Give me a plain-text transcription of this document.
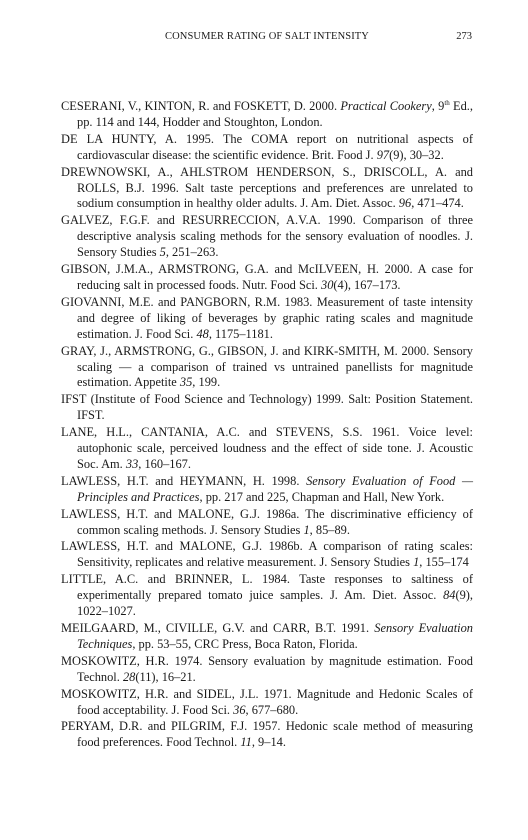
CONSUMER RATING OF SALT INTENSITY	273

CESERANI, V., KINTON, R. and FOSKETT, D. 2000. Practical Cookery, 9th Ed., pp. 114 and 144, Hodder and Stoughton, London.

DE LA HUNTY, A. 1995. The COMA report on nutritional aspects of cardiovascular disease: the scientific evidence. Brit. Food J. 97(9), 30–32.

DREWNOWSKI, A., AHLSTROM HENDERSON, S., DRISCOLL, A. and ROLLS, B.J. 1996. Salt taste perceptions and preferences are unrelated to sodium consumption in healthy older adults. J. Am. Diet. Assoc. 96, 471–474.

GALVEZ, F.G.F. and RESURRECCION, A.V.A. 1990. Comparison of three descriptive analysis scaling methods for the sensory evaluation of noodles. J. Sensory Studies 5, 251–263.

GIBSON, J.M.A., ARMSTRONG, G.A. and McILVEEN, H. 2000. A case for reducing salt in processed foods. Nutr. Food Sci. 30(4), 167–173.

GIOVANNI, M.E. and PANGBORN, R.M. 1983. Measurement of taste intensity and degree of liking of beverages by graphic rating scales and magnitude estimation. J. Food Sci. 48, 1175–1181.

GRAY, J., ARMSTRONG, G., GIBSON, J. and KIRK-SMITH, M. 2000. Sensory scaling — a comparison of trained vs untrained panellists for magnitude estimation. Appetite 35, 199.

IFST (Institute of Food Science and Technology) 1999. Salt: Position Statement. IFST.

LANE, H.L., CANTANIA, A.C. and STEVENS, S.S. 1961. Voice level: autophonic scale, perceived loudness and the effect of side tone. J. Acoustic Soc. Am. 33, 160–167.

LAWLESS, H.T. and HEYMANN, H. 1998. Sensory Evaluation of Food — Principles and Practices, pp. 217 and 225, Chapman and Hall, New York.

LAWLESS, H.T. and MALONE, G.J. 1986a. The discriminative efficiency of common scaling methods. J. Sensory Studies 1, 85–89.

LAWLESS, H.T. and MALONE, G.J. 1986b. A comparison of rating scales: Sensitivity, replicates and relative measurement. J. Sensory Studies 1, 155–174

LITTLE, A.C. and BRINNER, L. 1984. Taste responses to saltiness of experimentally prepared tomato juice samples. J. Am. Diet. Assoc. 84(9), 1022–1027.

MEILGAARD, M., CIVILLE, G.V. and CARR, B.T. 1991. Sensory Evaluation Techniques, pp. 53–55, CRC Press, Boca Raton, Florida.

MOSKOWITZ, H.R. 1974. Sensory evaluation by magnitude estimation. Food Technol. 28(11), 16–21.

MOSKOWITZ, H.R. and SIDEL, J.L. 1971. Magnitude and Hedonic Scales of food acceptability. J. Food Sci. 36, 677–680.

PERYAM, D.R. and PILGRIM, F.J. 1957. Hedonic scale method of measuring food preferences. Food Technol. 11, 9–14.
